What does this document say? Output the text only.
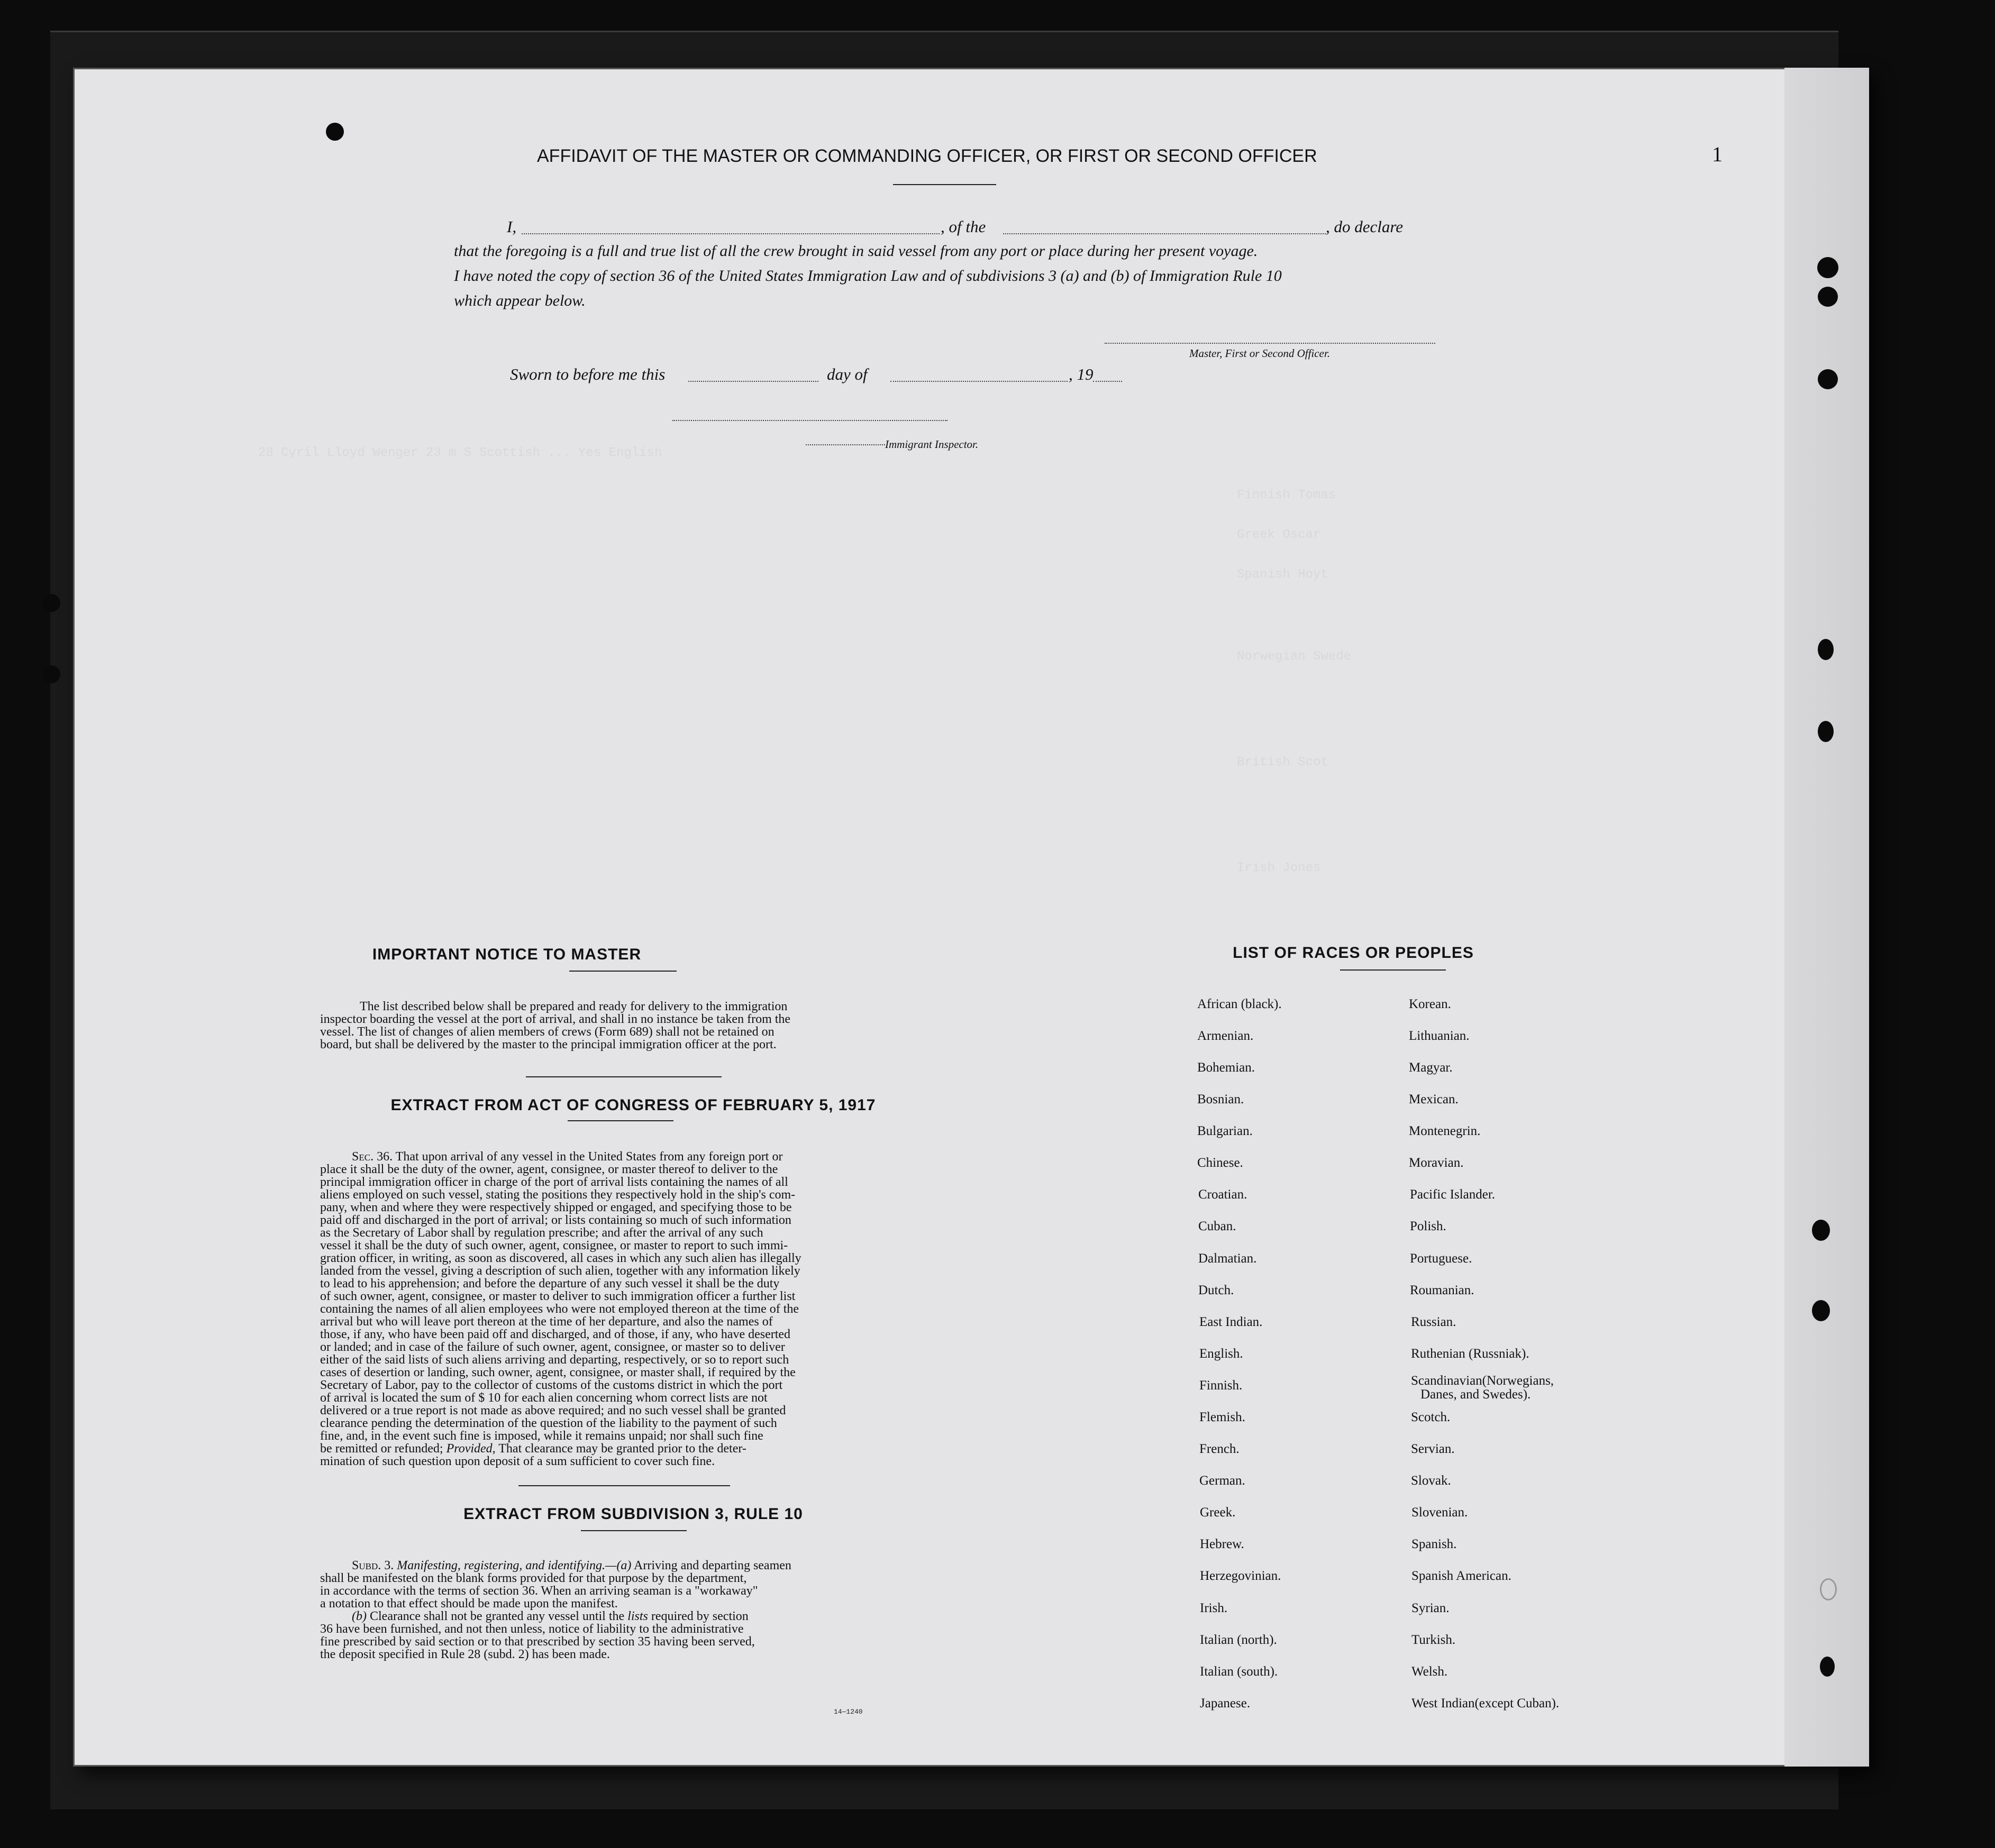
28 Cyril Lloyd Wenger 23 m S Scottish ... Yes English
Finnish Tomas
Greek Oscar
Spanish Hoyt
Norwegian Swede
British Scot
Irish Jones
AFFIDAVIT OF THE MASTER OR COMMANDING OFFICER, OR FIRST OR SECOND OFFICER	1
I,	, of the	, do declare
that the foregoing is a full and true list of all the crew brought in said vessel from any port or place during her present voyage.
I have noted the copy of section 36 of the United States Immigration Law and of subdivisions 3 (a) and (b) of Immigration Rule 10
which appear below.
Master, First or Second Officer.
Sworn to before me this	day of	, 19
Immigrant Inspector.
IMPORTANT NOTICE TO MASTER
The list described below shall be prepared and ready for delivery to the immigration
inspector boarding the vessel at the port of arrival, and shall in no instance be taken from the
vessel. The list of changes of alien members of crews (Form 689) shall not be retained on
board, but shall be delivered by the master to the principal immigration officer at the port.
EXTRACT FROM ACT OF CONGRESS OF FEBRUARY 5, 1917
Sec. 36. That upon arrival of any vessel in the United States from any foreign port or
place it shall be the duty of the owner, agent, consignee, or master thereof to deliver to the
principal immigration officer in charge of the port of arrival lists containing the names of all
aliens employed on such vessel, stating the positions they respectively hold in the ship's com-
pany, when and where they were respectively shipped or engaged, and specifying those to be
paid off and discharged in the port of arrival; or lists containing so much of such information
as the Secretary of Labor shall by regulation prescribe; and after the arrival of any such
vessel it shall be the duty of such owner, agent, consignee, or master to report to such immi-
gration officer, in writing, as soon as discovered, all cases in which any such alien has illegally
landed from the vessel, giving a description of such alien, together with any information likely
to lead to his apprehension; and before the departure of any such vessel it shall be the duty
of such owner, agent, consignee, or master to deliver to such immigration officer a further list
containing the names of all alien employees who were not employed thereon at the time of the
arrival but who will leave port thereon at the time of her departure, and also the names of
those, if any, who have been paid off and discharged, and of those, if any, who have deserted
or landed; and in case of the failure of such owner, agent, consignee, or master so to deliver
either of the said lists of such aliens arriving and departing, respectively, or so to report such
cases of desertion or landing, such owner, agent, consignee, or master shall, if required by the
Secretary of Labor, pay to the collector of customs of the customs district in which the port
of arrival is located the sum of $ 10 for each alien concerning whom correct lists are not
delivered or a true report is not made as above required; and no such vessel shall be granted
clearance pending the determination of the question of the liability to the payment of such
fine, and, in the event such fine is imposed, while it remains unpaid; nor shall such fine
be remitted or refunded; Provided, That clearance may be granted prior to the deter-
mination of such question upon deposit of a sum sufficient to cover such fine.
EXTRACT FROM SUBDIVISION 3, RULE 10
Subd. 3. Manifesting, registering, and identifying.—(a) Arriving and departing seamen
shall be manifested on the blank forms provided for that purpose by the department,
in accordance with the terms of section 36. When an arriving seaman is a "workaway"
a notation to that effect should be made upon the manifest.
(b) Clearance shall not be granted any vessel until the lists required by section
36 have been furnished, and not then unless, notice of liability to the administrative
fine prescribed by said section or to that prescribed by section 35 having been served,
the deposit specified in Rule 28 (subd. 2) has been made.
14—1240
LIST OF RACES OR PEOPLES
African (black).
Armenian.
Bohemian.
Bosnian.
Bulgarian.
Chinese.
Croatian.
Cuban.
Dalmatian.
Dutch.
East Indian.
English.
Finnish.
Flemish.
French.
German.
Greek.
Hebrew.
Herzegovinian.
Irish.
Italian (north).
Italian (south).
Japanese.
Korean.
Lithuanian.
Magyar.
Mexican.
Montenegrin.
Moravian.
Pacific Islander.
Polish.
Portuguese.
Roumanian.
Russian.
Ruthenian (Russniak).
Scandinavian(Norwegians,
Danes, and Swedes).
Scotch.
Servian.
Slovak.
Slovenian.
Spanish.
Spanish American.
Syrian.
Turkish.
Welsh.
West Indian(except Cuban).
